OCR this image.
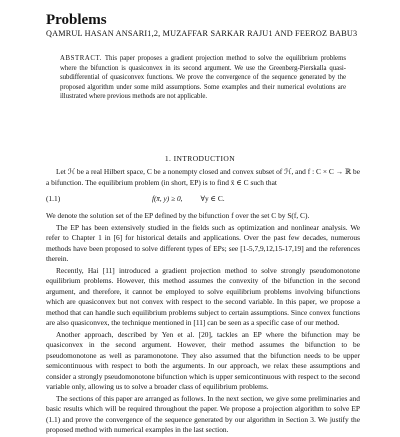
Problems
QAMRUL HASAN ANSARI1,2, MUZAFFAR SARKAR RAJU1 AND FEEROZ BABU3

ABSTRACT. This paper proposes a gradient projection method to solve the equilibrium problems where the bifunction is quasiconvex in its second argument. We use the Greenberg-Pierskalla quasi-subdifferential of quasiconvex functions. We prove the convergence of the sequence generated by the proposed algorithm under some mild assumptions. Some examples and their numerical evolutions are illustrated where previous methods are not applicable.

1. INTRODUCTION

Let ℋ be a real Hilbert space, C be a nonempty closed and convex subset of ℋ, and f : C × C → ℝ be a bifunction. The equilibrium problem (in short, EP) is to find x̄ ∈ C such that

(1.1)	f(x̄, y) ≥ 0, ∀y ∈ C.

We denote the solution set of the EP defined by the bifunction f over the set C by S(f, C).

The EP has been extensively studied in the fields such as optimization and nonlinear analysis. We refer to Chapter 1 in [6] for historical details and applications. Over the past few decades, numerous methods have been proposed to solve different types of EPs; see [1-5,7,9,12,15-17,19] and the references therein.

Recently, Hai [11] introduced a gradient projection method to solve strongly pseudomonotone equilibrium problems. However, this method assumes the convexity of the bifunction in the second argument, and therefore, it cannot be employed to solve equilibrium problems involving bifunctions which are quasiconvex but not convex with respect to the second variable. In this paper, we propose a method that can handle such equilibrium problems subject to certain assumptions. Since convex functions are also quasiconvex, the technique mentioned in [11] can be seen as a specific case of our method.

Another approach, described by Yen et al. [20], tackles an EP where the bifunction may be quasiconvex in the second argument. However, their method assumes the bifunction to be pseudomonotone as well as paramonotone. They also assumed that the bifunction needs to be upper semicontinuous with respect to both the arguments. In our approach, we relax these assumptions and consider a strongly pseudomonotone bifunction which is upper semicontinuous with respect to the second variable only, allowing us to solve a broader class of equilibrium problems.

The sections of this paper are arranged as follows. In the next section, we give some preliminaries and basic results which will be required throughout the paper. We propose a projection algorithm to solve EP (1.1) and prove the convergence of the sequence generated by our algorithm in Section 3. We justify the proposed method with numerical examples in the last section.
